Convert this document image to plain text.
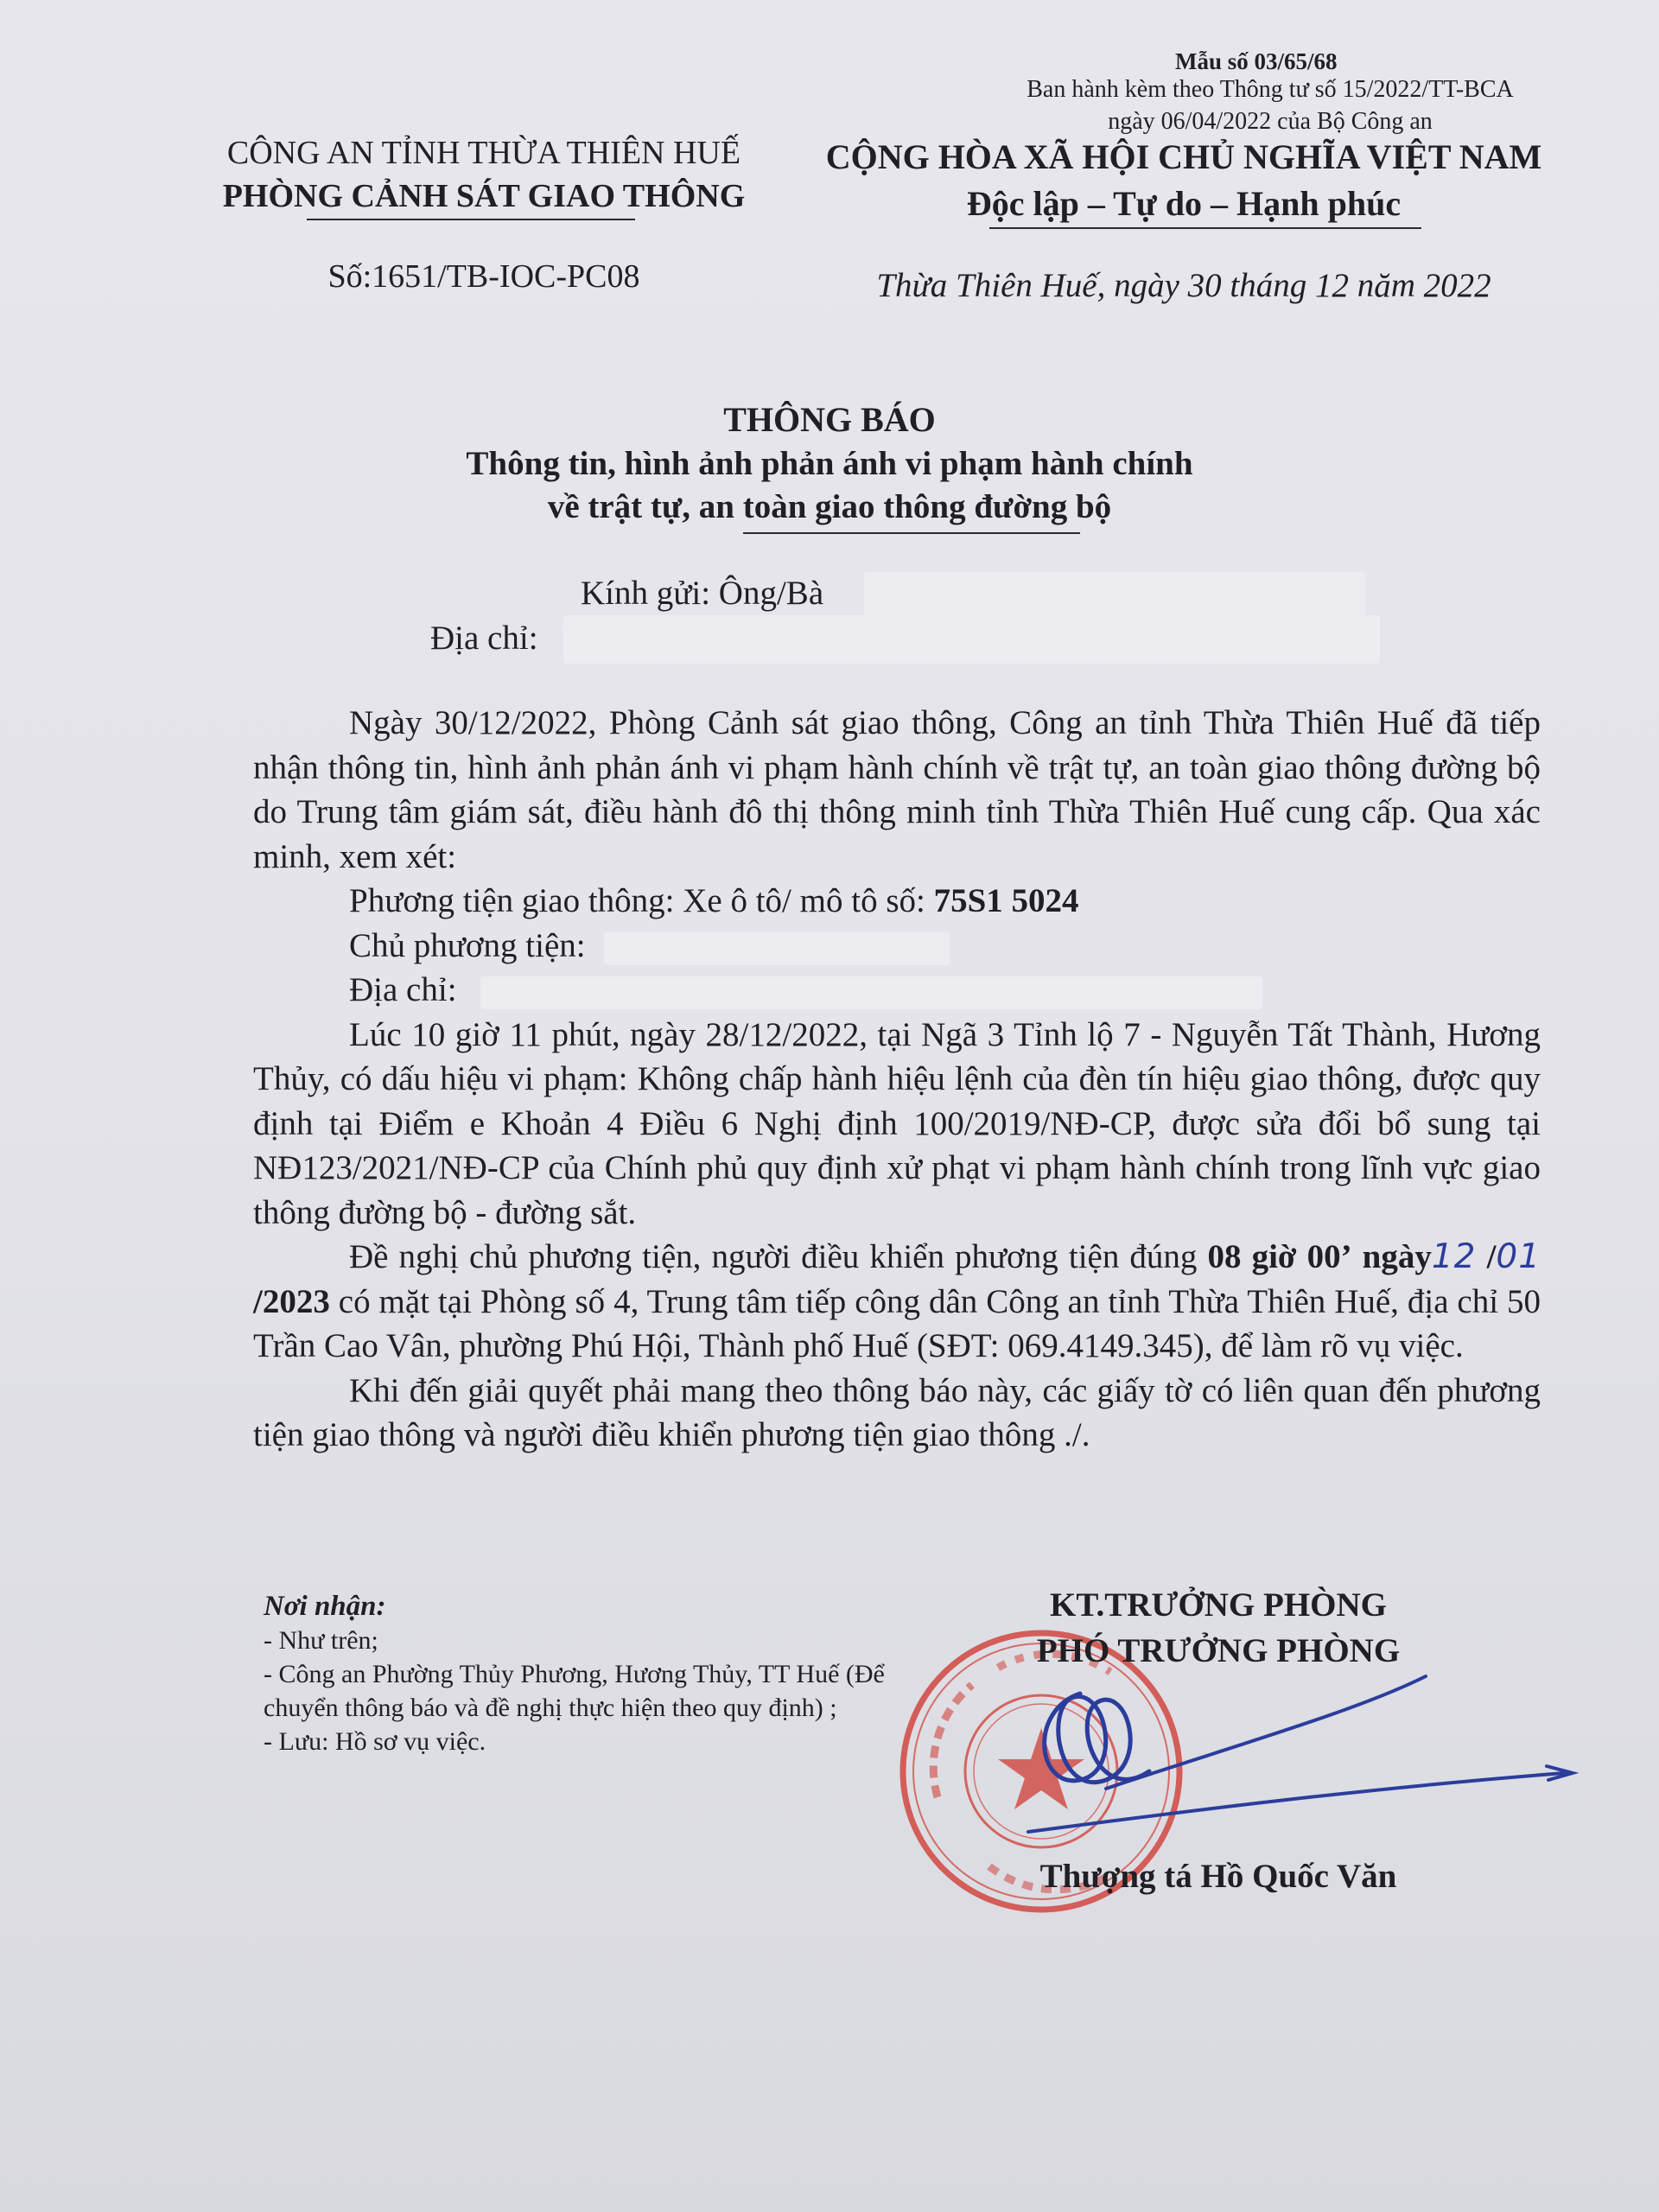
Mẫu số 03/65/68
Ban hành kèm theo Thông tư số 15/2022/TT-BCA
ngày 06/04/2022 của Bộ Công an
CÔNG AN TỈNH THỪA THIÊN HUẾ
PHÒNG CẢNH SÁT GIAO THÔNG
Số:1651/TB-IOC-PC08
CỘNG HÒA XÃ HỘI CHỦ NGHĨA VIỆT NAM
Độc lập – Tự do – Hạnh phúc
Thừa Thiên Huế, ngày 30 tháng 12 năm 2022
THÔNG BÁO
Thông tin, hình ảnh phản ánh vi phạm hành chính
về trật tự, an toàn giao thông đường bộ
Kính gửi: Ông/Bà
Địa chỉ:

Ngày 30/12/2022, Phòng Cảnh sát giao thông, Công an tỉnh Thừa Thiên Huế đã tiếp nhận thông tin, hình ảnh phản ánh vi phạm hành chính về trật tự, an toàn giao thông đường bộ do Trung tâm giám sát, điều hành đô thị thông minh tỉnh Thừa Thiên Huế cung cấp. Qua xác minh, xem xét:

Phương tiện giao thông: Xe ô tô/ mô tô số: 75S1 5024

Chủ phương tiện:

Địa chỉ:

Lúc 10 giờ 11 phút, ngày 28/12/2022, tại Ngã 3 Tỉnh lộ 7 - Nguyễn Tất Thành, Hương Thủy, có dấu hiệu vi phạm: Không chấp hành hiệu lệnh của đèn tín hiệu giao thông, được quy định tại Điểm e Khoản 4 Điều 6 Nghị định 100/2019/NĐ-CP, được sửa đổi bổ sung tại NĐ123/2021/NĐ-CP của Chính phủ quy định xử phạt vi phạm hành chính trong lĩnh vực giao thông đường bộ - đường sắt.

Đề nghị chủ phương tiện, người điều khiển phương tiện đúng 08 giờ 00’ ngày12 /01 /2023 có mặt tại Phòng số 4, Trung tâm tiếp công dân Công an tỉnh Thừa Thiên Huế, địa chỉ 50 Trần Cao Vân, phường Phú Hội, Thành phố Huế (SĐT: 069.4149.345), để làm rõ vụ việc.

Khi đến giải quyết phải mang theo thông báo này, các giấy tờ có liên quan đến phương tiện giao thông và người điều khiển phương tiện giao thông ./.

Nơi nhận:
- Như trên;
- Công an Phường Thủy Phương, Hương Thủy, TT Huế (Để chuyển thông báo và đề nghị thực hiện theo quy định) ;
- Lưu: Hồ sơ vụ việc.
KT.TRƯỞNG PHÒNG
PHÓ TRƯỞNG PHÒNG
Thượng tá Hồ Quốc Văn
